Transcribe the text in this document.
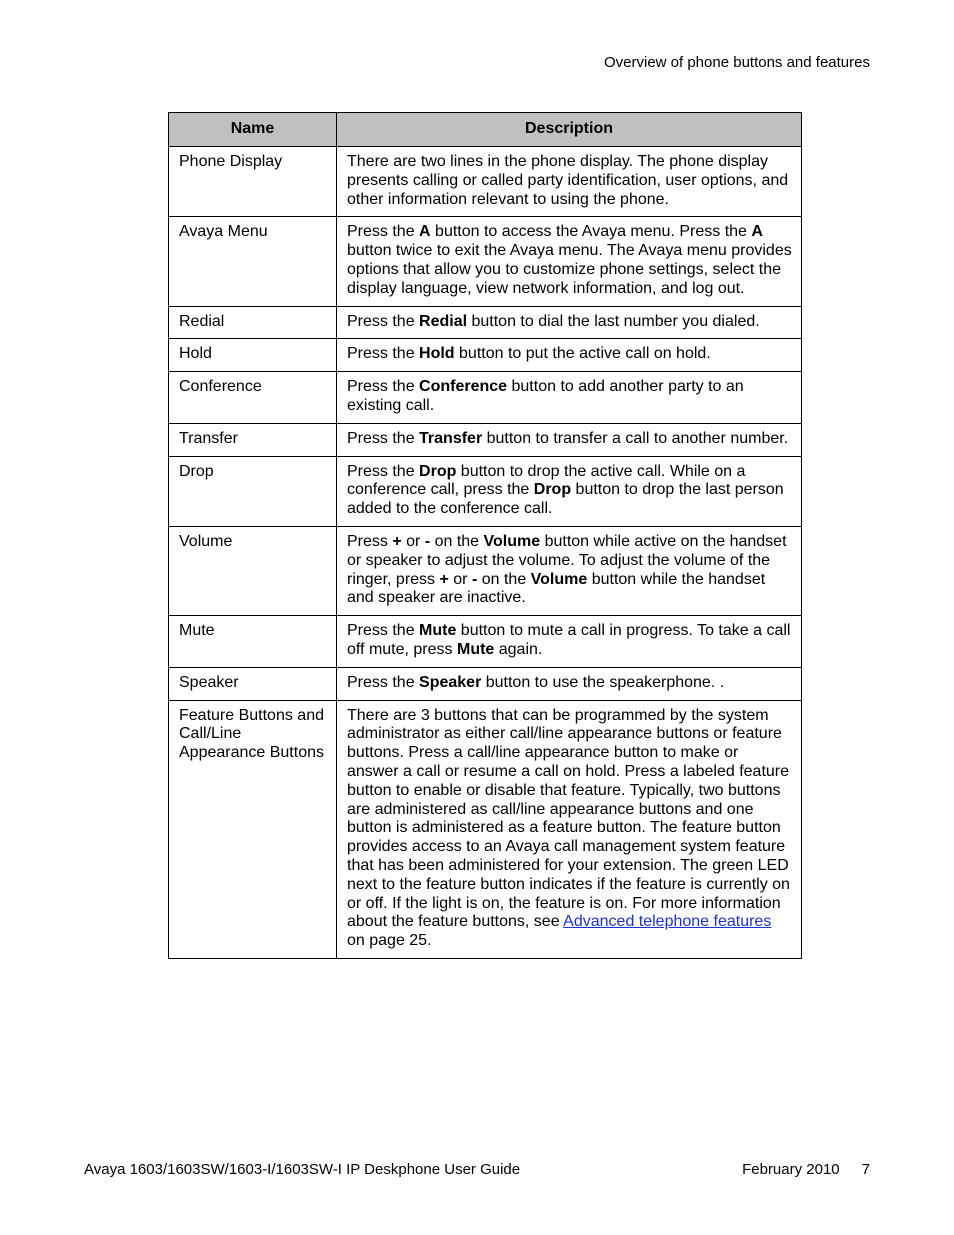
Overview of phone buttons and features
Name	Description
Phone Display	There are two lines in the phone display. The phone display presents calling or called party identification, user options, and other information relevant to using the phone.
Avaya Menu	Press the A button to access the Avaya menu. Press the A button twice to exit the Avaya menu. The Avaya menu provides options that allow you to customize phone settings, select the display language, view network information, and log out.
Redial	Press the Redial button to dial the last number you dialed.
Hold	Press the Hold button to put the active call on hold.
Conference	Press the Conference button to add another party to an existing call.
Transfer	Press the Transfer button to transfer a call to another number.
Drop	Press the Drop button to drop the active call. While on a conference call, press the Drop button to drop the last person added to the conference call.
Volume	Press + or - on the Volume button while active on the handset or speaker to adjust the volume. To adjust the volume of the ringer, press + or - on the Volume button while the handset and speaker are inactive.
Mute	Press the Mute button to mute a call in progress. To take a call off mute, press Mute again.
Speaker	Press the Speaker button to use the speakerphone. .
Feature Buttons and Call/Line Appearance Buttons	There are 3 buttons that can be programmed by the system administrator as either call/line appearance buttons or feature buttons. Press a call/line appearance button to make or answer a call or resume a call on hold. Press a labeled feature button to enable or disable that feature. Typically, two buttons are administered as call/line appearance buttons and one button is administered as a feature button. The feature button provides access to an Avaya call management system feature that has been administered for your extension. The green LED next to the feature button indicates if the feature is currently on or off. If the light is on, the feature is on. For more information about the feature buttons, see Advanced telephone features on page 25.
Avaya 1603/1603SW/1603-I/1603SW-I IP Deskphone User Guide	February 2010 7
